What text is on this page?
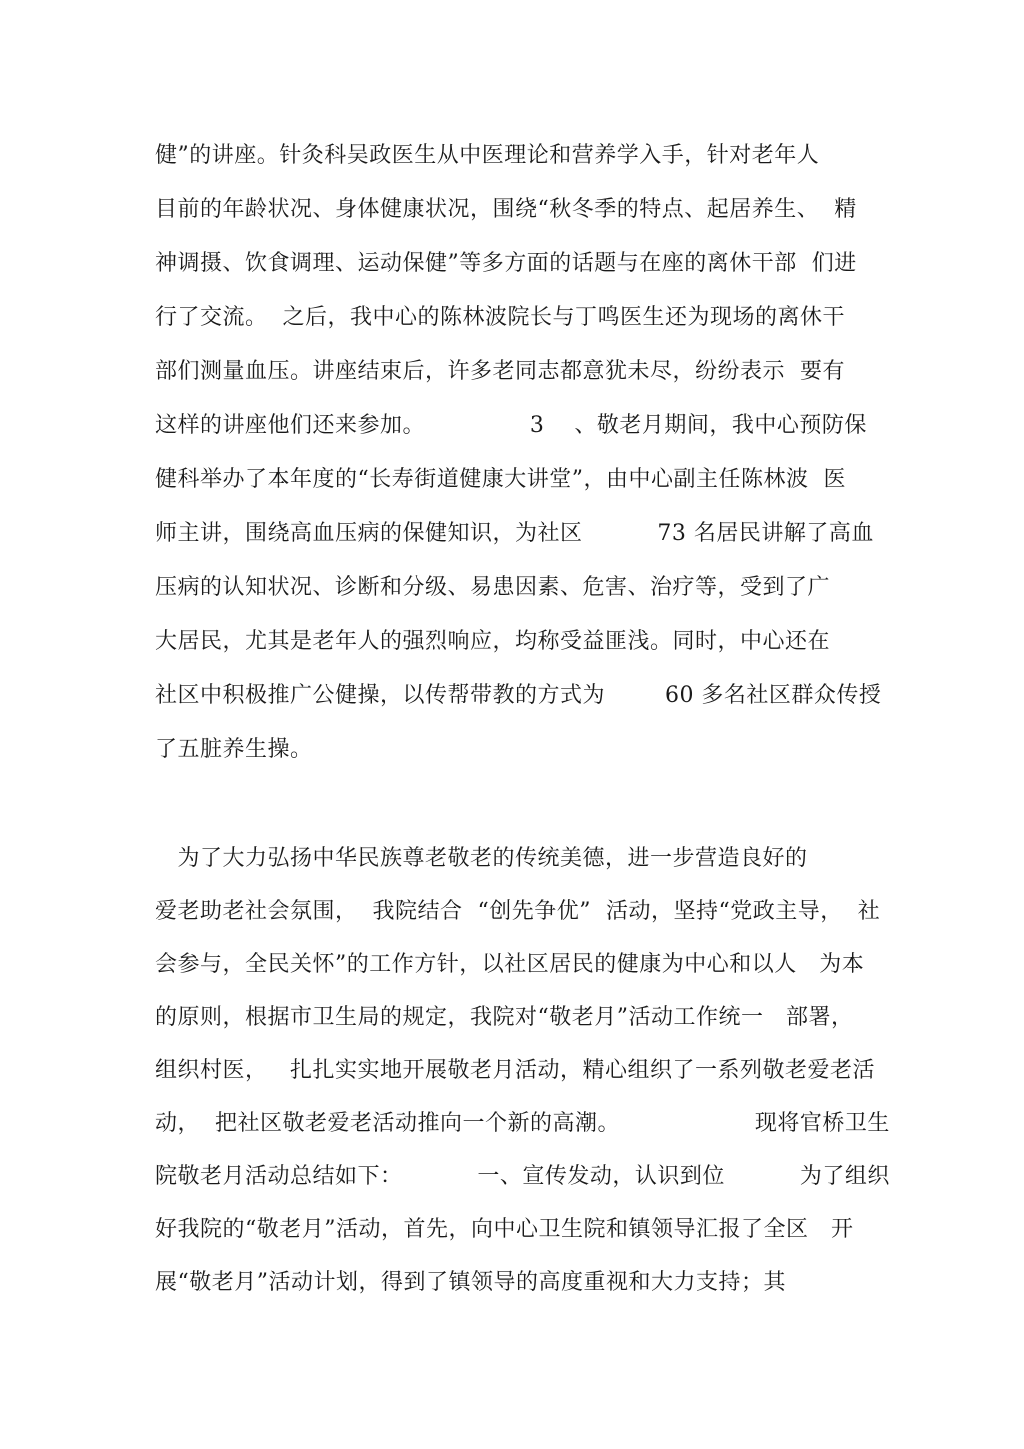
健”的讲座。针灸科吴政医生从中医理论和营养学入手，针对老年人
目前的年龄状况、身体健康状况，围绕“秋冬季的特点、起居养生、  精
神调摄、饮食调理、运动保健”等多方面的话题与在座的离休干部  们进
行了交流。  之后，我中心的陈林波院长与丁鸣医生还为现场的离休干
部们测量血压。讲座结束后，许多老同志都意犹未尽，纷纷表示  要有
这样的讲座他们还来参加。              3    、敬老月期间，我中心预防保
健科举办了本年度的“长寿街道健康大讲堂”，由中心副主任陈林波  医
师主讲，围绕高血压病的保健知识，为社区          73 名居民讲解了高血
压病的认知状况、诊断和分级、易患因素、危害、治疗等，受到了广
大居民，尤其是老年人的强烈响应，均称受益匪浅。同时，中心还在
社区中积极推广公健操，以传帮带教的方式为        60 多名社区群众传授
了五脏养生操。
为了大力弘扬中华民族尊老敬老的传统美德，进一步营造良好的
爱老助老社会氛围，  我院结合  “创先争优”  活动，坚持“党政主导，  社
会参与，全民关怀”的工作方针，以社区居民的健康为中心和以人   为本
的原则，根据市卫生局的规定，我院对“敬老月”活动工作统一   部署，
组织村医，   扎扎实实地开展敬老月活动，精心组织了一系列敬老爱老活
动，  把社区敬老爱老活动推向一个新的高潮。                  现将官桥卫生
院敬老月活动总结如下：          一、宣传发动，认识到位          为了组织
好我院的“敬老月”活动，首先，向中心卫生院和镇领导汇报了全区   开
展“敬老月”活动计划，得到了镇领导的高度重视和大力支持；其
